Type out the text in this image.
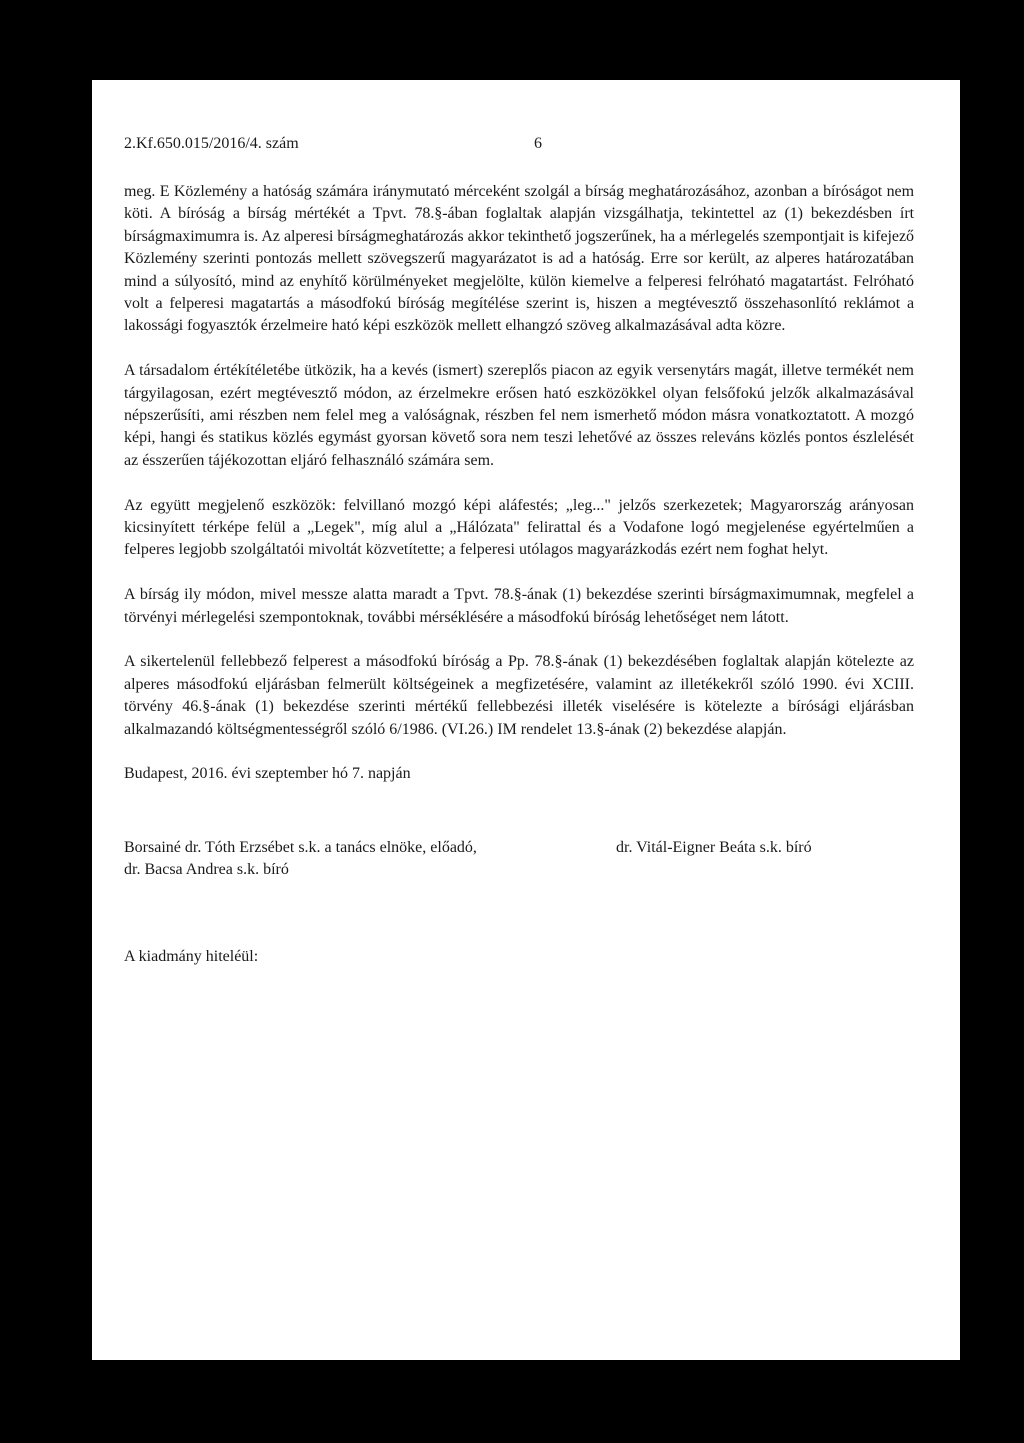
2.Kf.650.015/2016/4. szám	6

meg. E Közlemény a hatóság számára iránymutató mérceként szolgál a bírság meghatározásához, azonban a bíróságot nem köti. A bíróság a bírság mértékét a Tpvt. 78.§-ában foglaltak alapján vizsgálhatja, tekintettel az (1) bekezdésben írt bírságmaximumra is. Az alperesi bírságmeghatározás akkor tekinthető jogszerűnek, ha a mérlegelés szempontjait is kifejező Közlemény szerinti pontozás mellett szövegszerű magyarázatot is ad a hatóság. Erre sor került, az alperes határozatában mind a súlyosító, mind az enyhítő körülményeket megjelölte, külön kiemelve a felperesi felróható magatartást. Felróható volt a felperesi magatartás a másodfokú bíróság megítélése szerint is, hiszen a megtévesztő összehasonlító reklámot a lakossági fogyasztók érzelmeire ható képi eszközök mellett elhangzó szöveg alkalmazásával adta közre.

A társadalom értékítéletébe ütközik, ha a kevés (ismert) szereplős piacon az egyik versenytárs magát, illetve termékét nem tárgyilagosan, ezért megtévesztő módon, az érzelmekre erősen ható eszközökkel olyan felsőfokú jelzők alkalmazásával népszerűsíti, ami részben nem felel meg a valóságnak, részben fel nem ismerhető módon másra vonatkoztatott. A mozgó képi, hangi és statikus közlés egymást gyorsan követő sora nem teszi lehetővé az összes releváns közlés pontos észlelését az ésszerűen tájékozottan eljáró felhasználó számára sem.

Az együtt megjelenő eszközök: felvillanó mozgó képi aláfestés; „leg..." jelzős szerkezetek; Magyarország arányosan kicsinyített térképe felül a „Legek", míg alul a „Hálózata" felirattal és a Vodafone logó megjelenése egyértelműen a felperes legjobb szolgáltatói mivoltát közvetítette; a felperesi utólagos magyarázkodás ezért nem foghat helyt.

A bírság ily módon, mivel messze alatta maradt a Tpvt. 78.§-ának (1) bekezdése szerinti bírságmaximumnak, megfelel a törvényi mérlegelési szempontoknak, további mérséklésére a másodfokú bíróság lehetőséget nem látott.

A sikertelenül fellebbező felperest a másodfokú bíróság a Pp. 78.§-ának (1) bekezdésében foglaltak alapján kötelezte az alperes másodfokú eljárásban felmerült költségeinek a megfizetésére, valamint az illetékekről szóló 1990. évi XCIII. törvény 46.§-ának (1) bekezdése szerinti mértékű fellebbezési illeték viselésére is kötelezte a bírósági eljárásban alkalmazandó költségmentességről szóló 6/1986. (VI.26.) IM rendelet 13.§-ának (2) bekezdése alapján.

Budapest, 2016. évi szeptember hó 7. napján

Borsainé dr. Tóth Erzsébet s.k. a tanács elnöke, előadó,
dr. Bacsa Andrea s.k. bíró
dr. Vitál-Eigner Beáta s.k. bíró
A kiadmány hiteléül:
